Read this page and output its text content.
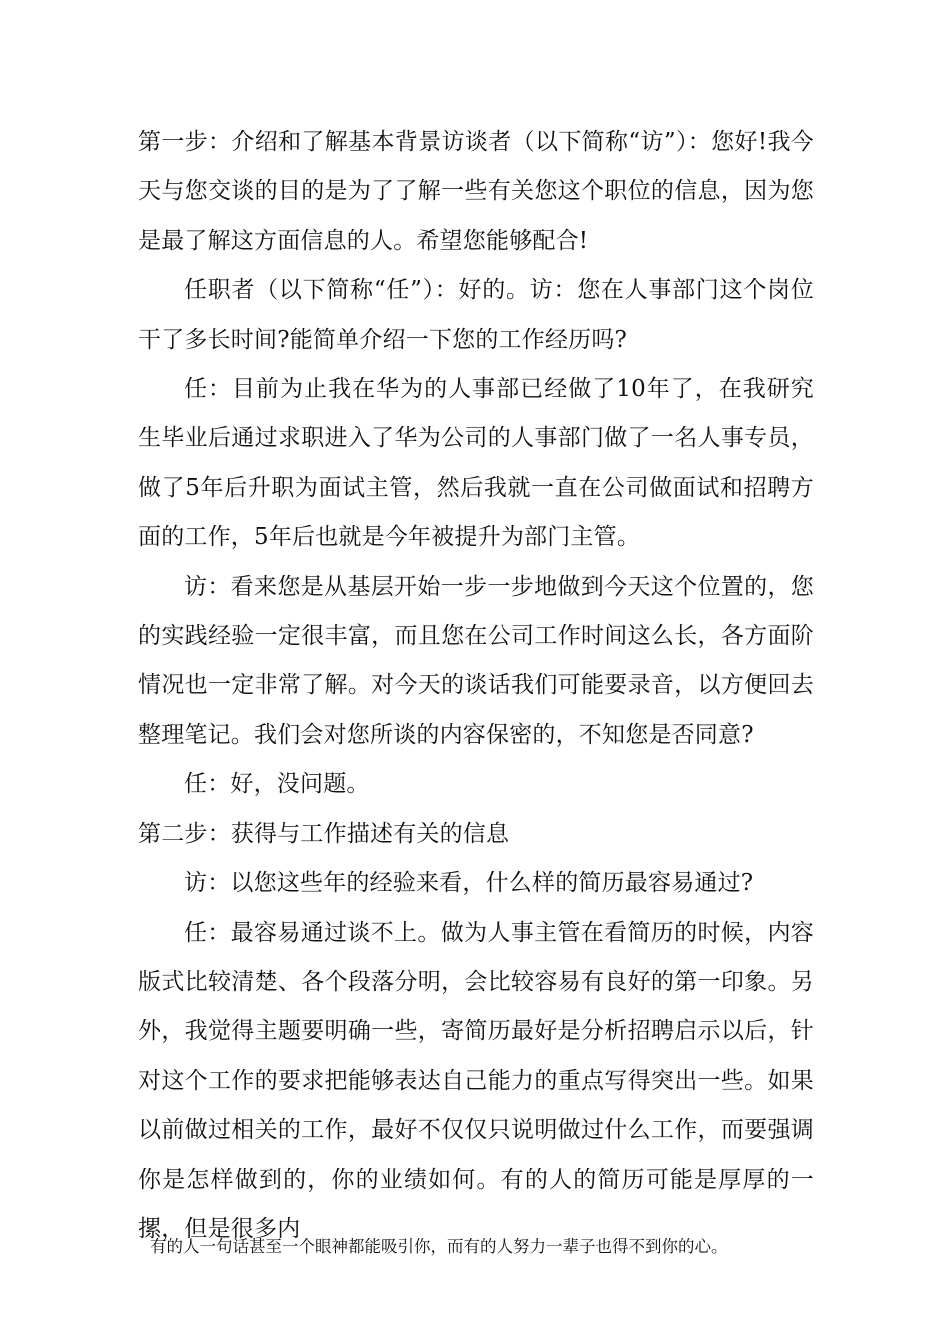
第一步：介绍和了解基本背景访谈者（以下简称“访”）：您好!我今天与您交谈的目的是为了了解一些有关您这个职位的信息，因为您是最了解这方面信息的人。希望您能够配合!

任职者（以下简称“任”）：好的。访：您在人事部门这个岗位干了多长时间?能简单介绍一下您的工作经历吗?

任：目前为止我在华为的人事部已经做了10年了，在我研究生毕业后通过求职进入了华为公司的人事部门做了一名人事专员，做了5年后升职为面试主管，然后我就一直在公司做面试和招聘方面的工作，5年后也就是今年被提升为部门主管。

访：看来您是从基层开始一步一步地做到今天这个位置的，您的实践经验一定很丰富，而且您在公司工作时间这么长，各方面阶情况也一定非常了解。对今天的谈话我们可能要录音，以方便回去整理笔记。我们会对您所谈的内容保密的，不知您是否同意?

任：好，没问题。

第二步：获得与工作描述有关的信息

访：以您这些年的经验来看，什么样的简历最容易通过?

任：最容易通过谈不上。做为人事主管在看简历的时候，内容版式比较清楚、各个段落分明，会比较容易有良好的第一印象。另外，我觉得主题要明确一些，寄简历最好是分析招聘启示以后，针对这个工作的要求把能够表达自己能力的重点写得突出一些。如果以前做过相关的工作，最好不仅仅只说明做过什么工作，而要强调你是怎样做到的，你的业绩如何。有的人的简历可能是厚厚的一摞，但是很多内

有的人一句话甚至一个眼神都能吸引你，而有的人努力一辈子也得不到你的心。
